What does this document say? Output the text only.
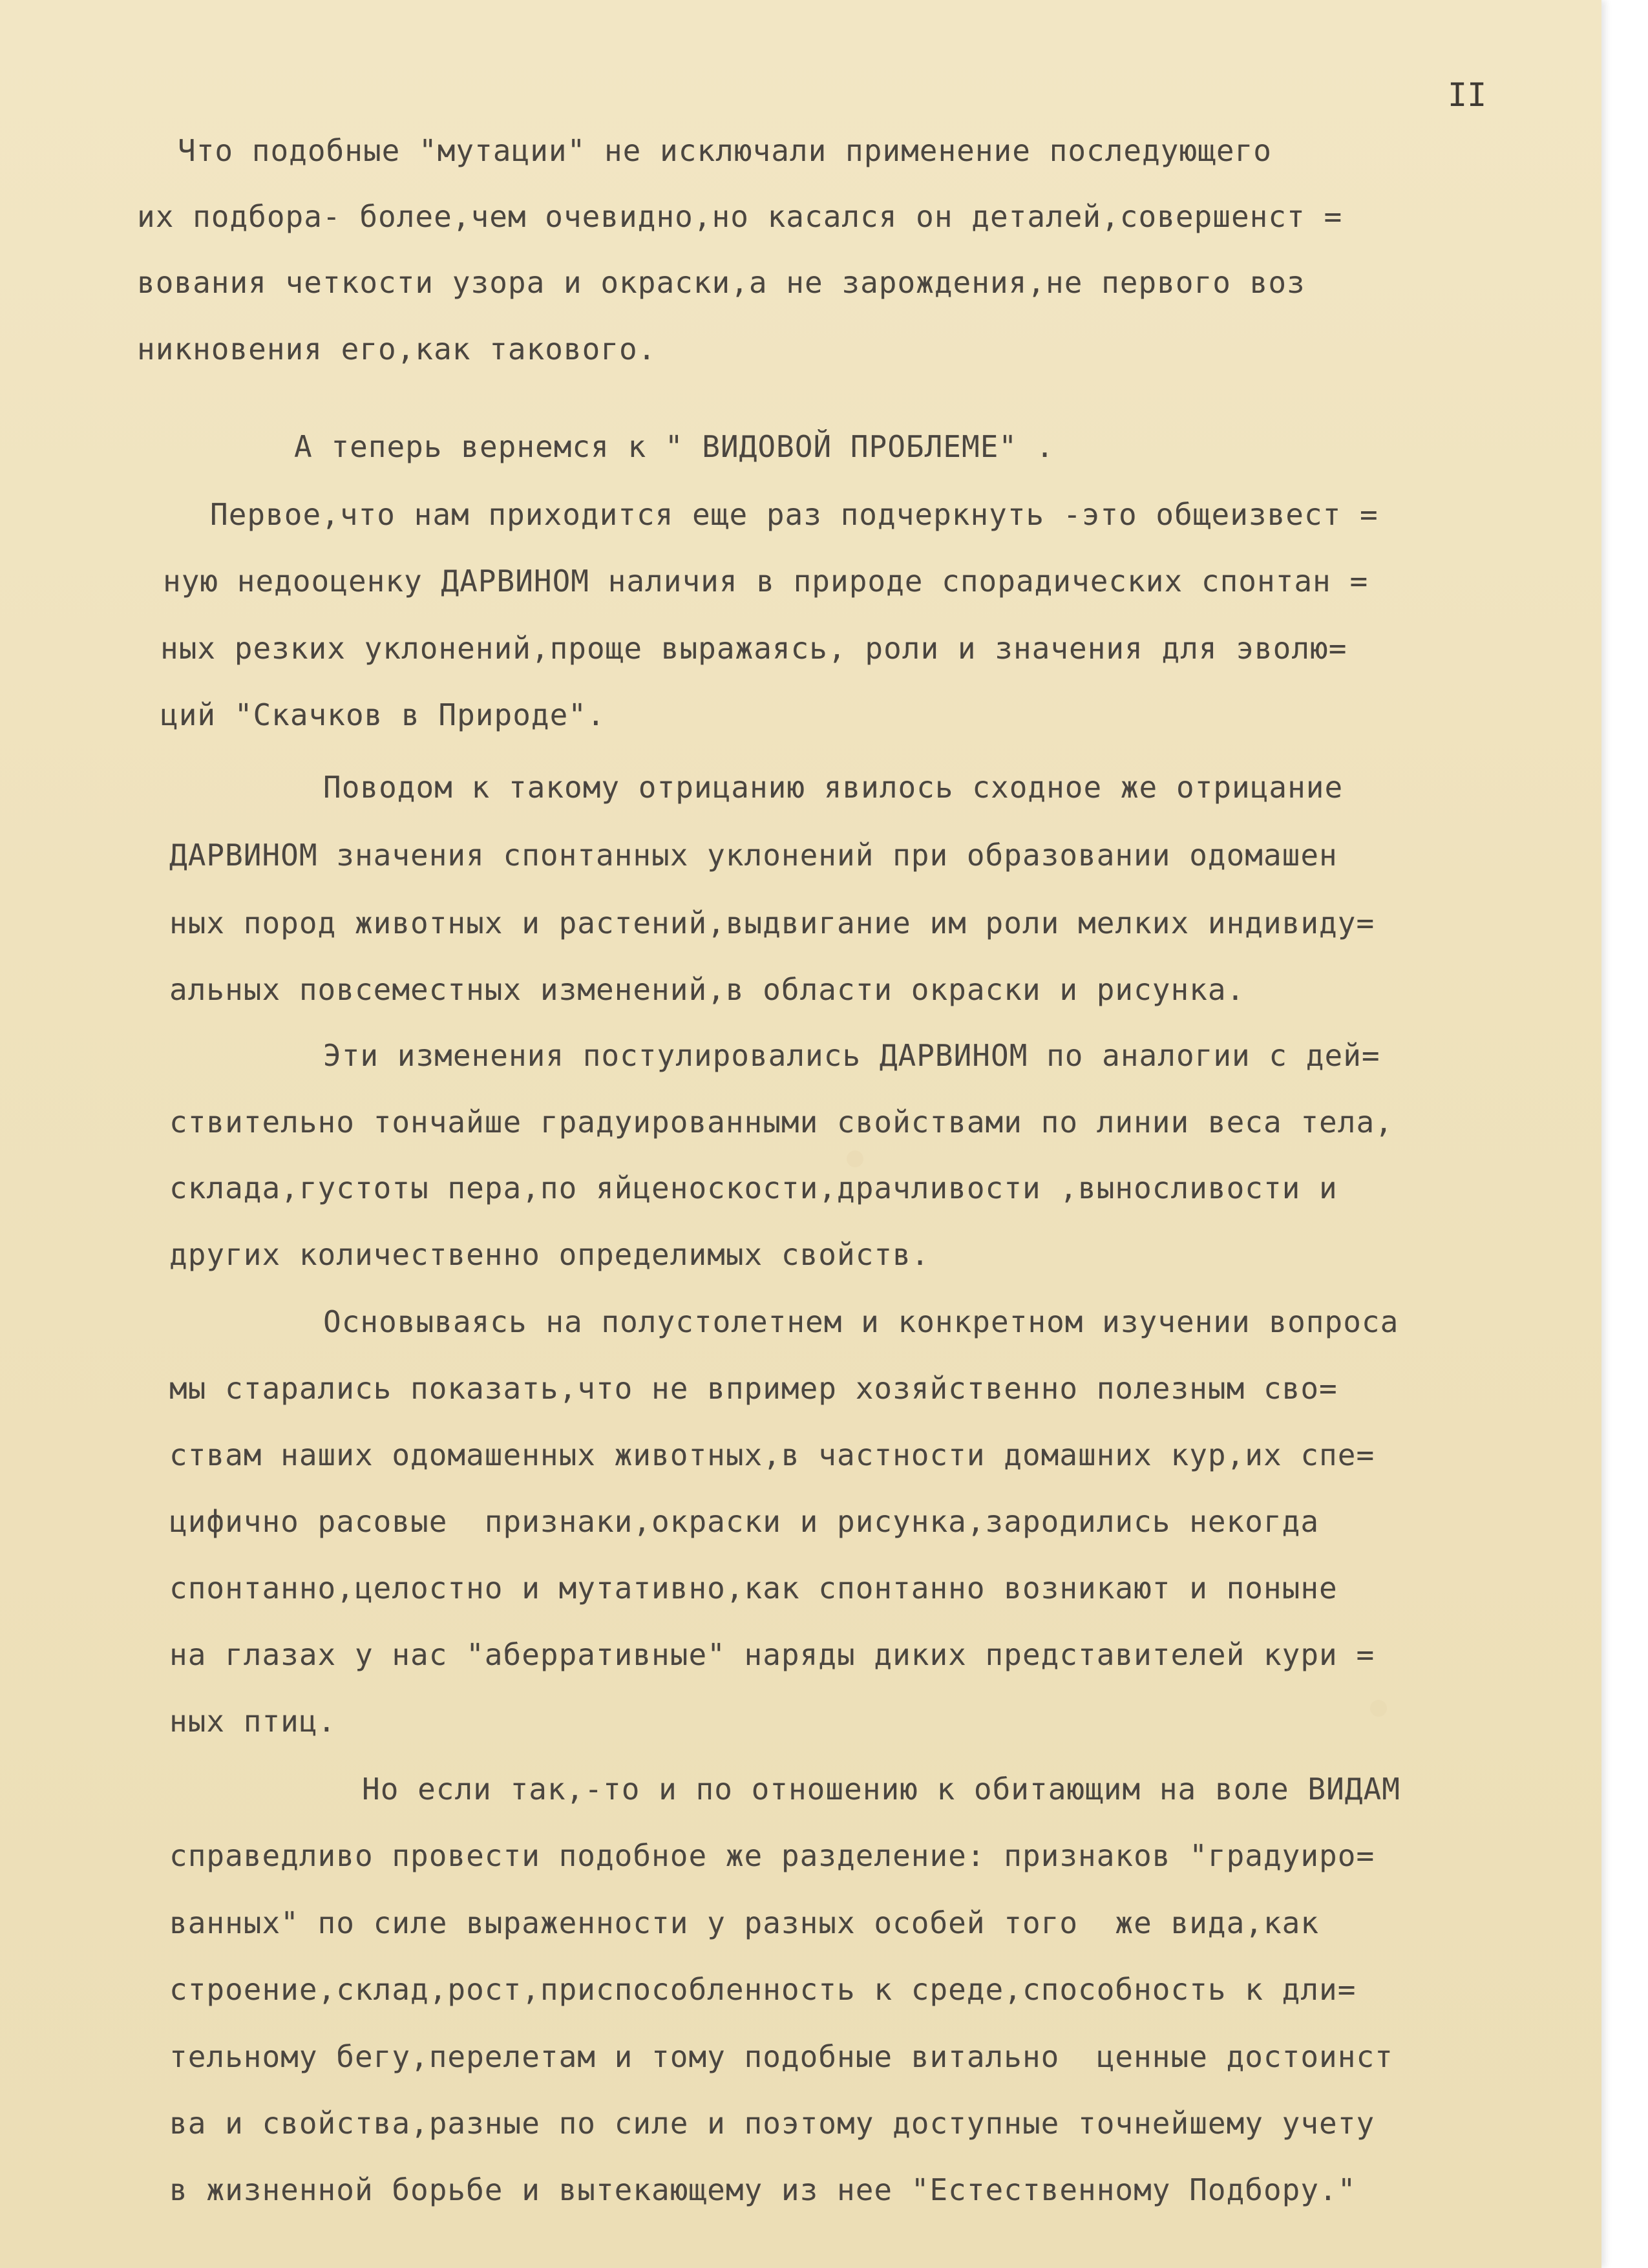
II
Что подобные "мутации" не исключали применение последующего
их подбора- более,чем очевидно,но касался он деталей,совершенст =
вования четкости узора и окраски,а не зарождения,не первого воз
никновения его,как такового.
А теперь вернемся к " ВИДОВОЙ ПРОБЛЕМЕ" .
Первое,что нам приходится еще раз подчеркнуть -это общеизвест =
ную недооценку ДАРВИНОМ наличия в природе спорадических спонтан =
ных резких уклонений,проще выражаясь, роли и значения для эволю=
ций "Скачков в Природе".
Поводом к такому отрицанию явилось сходное же отрицание
ДАРВИНОМ значения спонтанных уклонений при образовании одомашен
ных пород животных и растений,выдвигание им роли мелких индивиду=
альных повсеместных изменений,в области окраски и рисунка.
Эти изменения постулировались ДАРВИНОМ по аналогии с дей=
ствительно тончайше градуированными свойствами по линии веса тела,
склада,густоты пера,по яйценоскости,драчливости ,выносливости и
других количественно определимых свойств.
Основываясь на полустолетнем и конкретном изучении вопроса
мы старались показать,что не впример хозяйственно полезным сво=
ствам наших одомашенных животных,в частности домашних кур,их спе=
цифично расовые  признаки,окраски и рисунка,зародились некогда
спонтанно,целостно и мутативно,как спонтанно возникают и поныне
на глазах у нас "аберративные" наряды диких представителей кури =
ных птиц.
Но если так,-то и по отношению к обитающим на воле ВИДАМ
справедливо провести подобное же разделение: признаков "градуиро=
ванных" по силе выраженности у разных особей того  же вида,как
строение,склад,рост,приспособленность к среде,способность к дли=
тельному бегу,перелетам и тому подобные витально  ценные достоинст
ва и свойства,разные по силе и поэтому доступные точнейшему учету
в жизненной борьбе и вытекающему из нее "Естественному Подбору."
